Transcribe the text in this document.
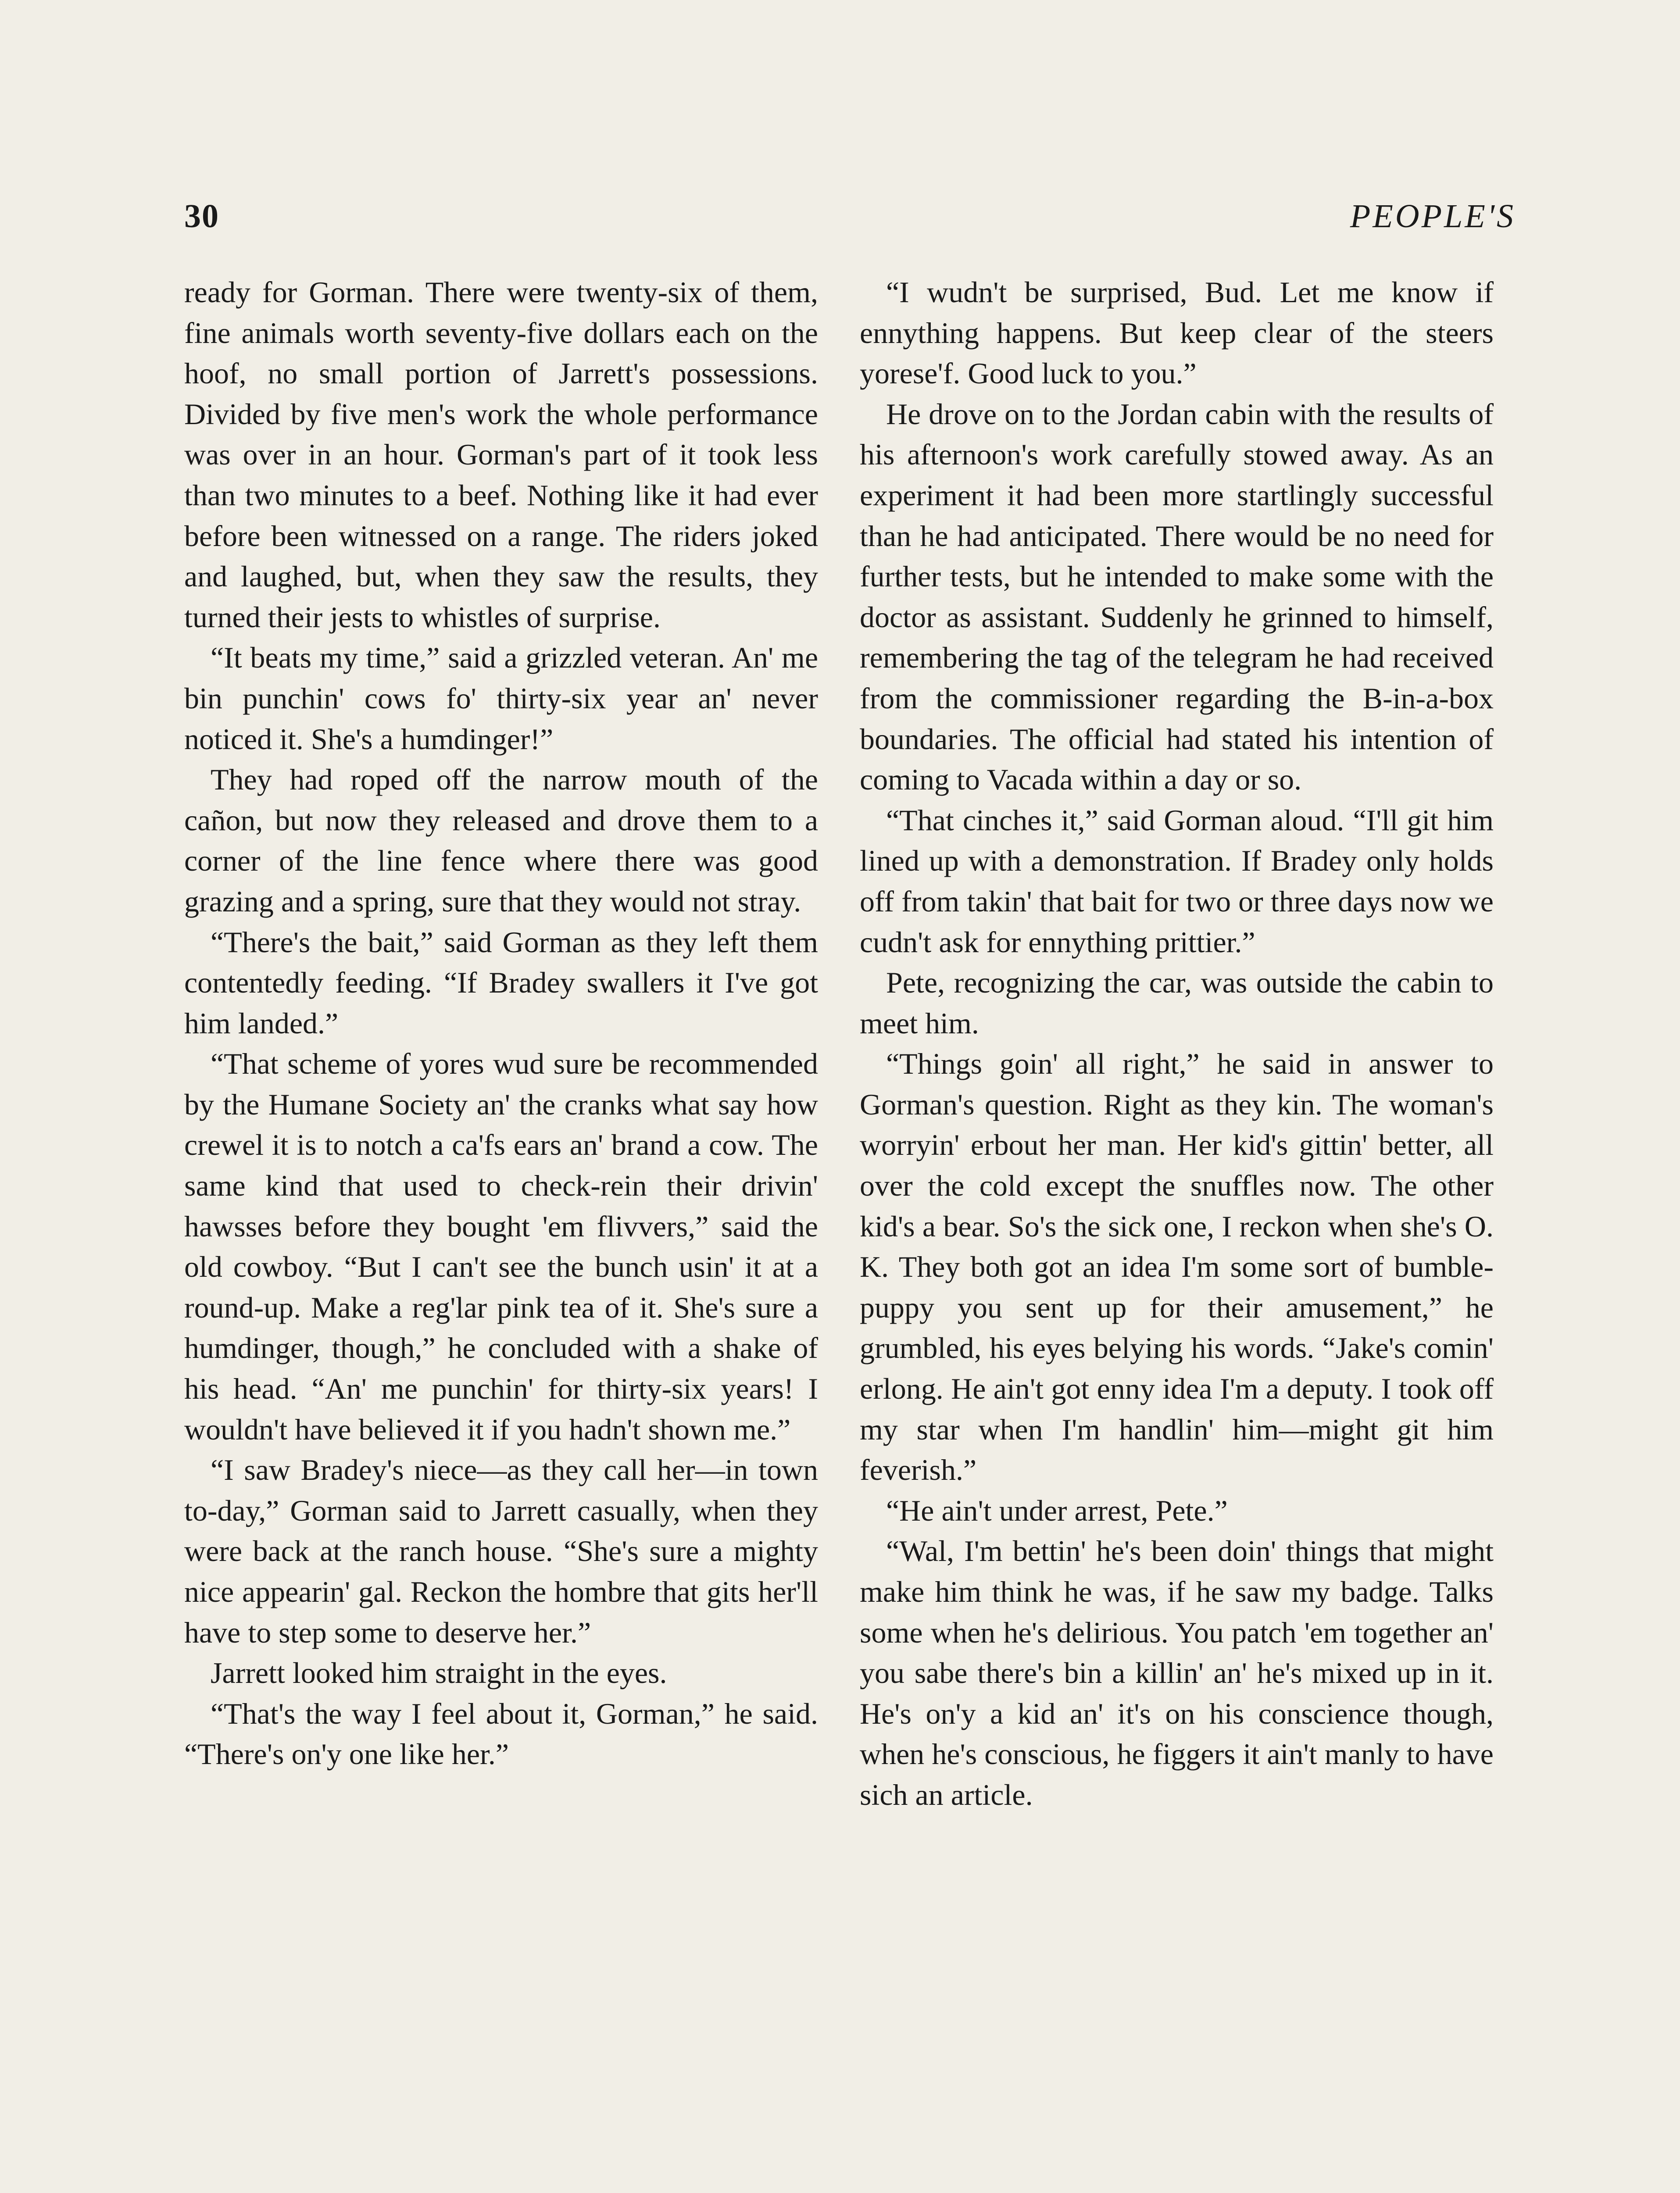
30	PEOPLE'S

ready for Gorman. There were twenty-six of them, fine animals worth seventy-five dollars each on the hoof, no small portion of Jarrett's possessions. Divided by five men's work the whole performance was over in an hour. Gorman's part of it took less than two minutes to a beef. Nothing like it had ever before been witnessed on a range. The riders joked and laughed, but, when they saw the results, they turned their jests to whistles of surprise.

“It beats my time,” said a grizzled veteran. An' me bin punchin' cows fo' thirty-six year an' never noticed it. She's a humdinger!”

They had roped off the narrow mouth of the cañon, but now they released and drove them to a corner of the line fence where there was good grazing and a spring, sure that they would not stray.

“There's the bait,” said Gorman as they left them contentedly feeding. “If Bradey swallers it I've got him landed.”

“That scheme of yores wud sure be recommended by the Humane Society an' the cranks what say how crewel it is to notch a ca'fs ears an' brand a cow. The same kind that used to check-rein their drivin' hawsses before they bought 'em flivvers,” said the old cowboy. “But I can't see the bunch usin' it at a round-up. Make a reg'lar pink tea of it. She's sure a humdinger, though,” he concluded with a shake of his head. “An' me punchin' for thirty-six years! I wouldn't have believed it if you hadn't shown me.”

“I saw Bradey's niece—as they call her—in town to-day,” Gorman said to Jarrett casually, when they were back at the ranch house. “She's sure a mighty nice appearin' gal. Reckon the hombre that gits her'll have to step some to deserve her.”

Jarrett looked him straight in the eyes.

“That's the way I feel about it, Gorman,” he said. “There's on'y one like her.”

“I wudn't be surprised, Bud. Let me know if ennything happens. But keep clear of the steers yorese'f. Good luck to you.”

He drove on to the Jordan cabin with the results of his afternoon's work carefully stowed away. As an experiment it had been more startlingly successful than he had anticipated. There would be no need for further tests, but he intended to make some with the doctor as assistant. Suddenly he grinned to himself, remembering the tag of the telegram he had received from the commissioner regarding the B-in-a-box boundaries. The official had stated his intention of coming to Vacada within a day or so.

“That cinches it,” said Gorman aloud. “I'll git him lined up with a demonstration. If Bradey only holds off from takin' that bait for two or three days now we cudn't ask for ennything prittier.”

Pete, recognizing the car, was outside the cabin to meet him.

“Things goin' all right,” he said in answer to Gorman's question. Right as they kin. The woman's worryin' erbout her man. Her kid's gittin' better, all over the cold except the snuffles now. The other kid's a bear. So's the sick one, I reckon when she's O. K. They both got an idea I'm some sort of bumble-puppy you sent up for their amusement,” he grumbled, his eyes belying his words. “Jake's comin' erlong. He ain't got enny idea I'm a deputy. I took off my star when I'm handlin' him—might git him feverish.”

“He ain't under arrest, Pete.”

“Wal, I'm bettin' he's been doin' things that might make him think he was, if he saw my badge. Talks some when he's delirious. You patch 'em together an' you sabe there's bin a killin' an' he's mixed up in it. He's on'y a kid an' it's on his conscience though, when he's conscious, he figgers it ain't manly to have sich an article.
